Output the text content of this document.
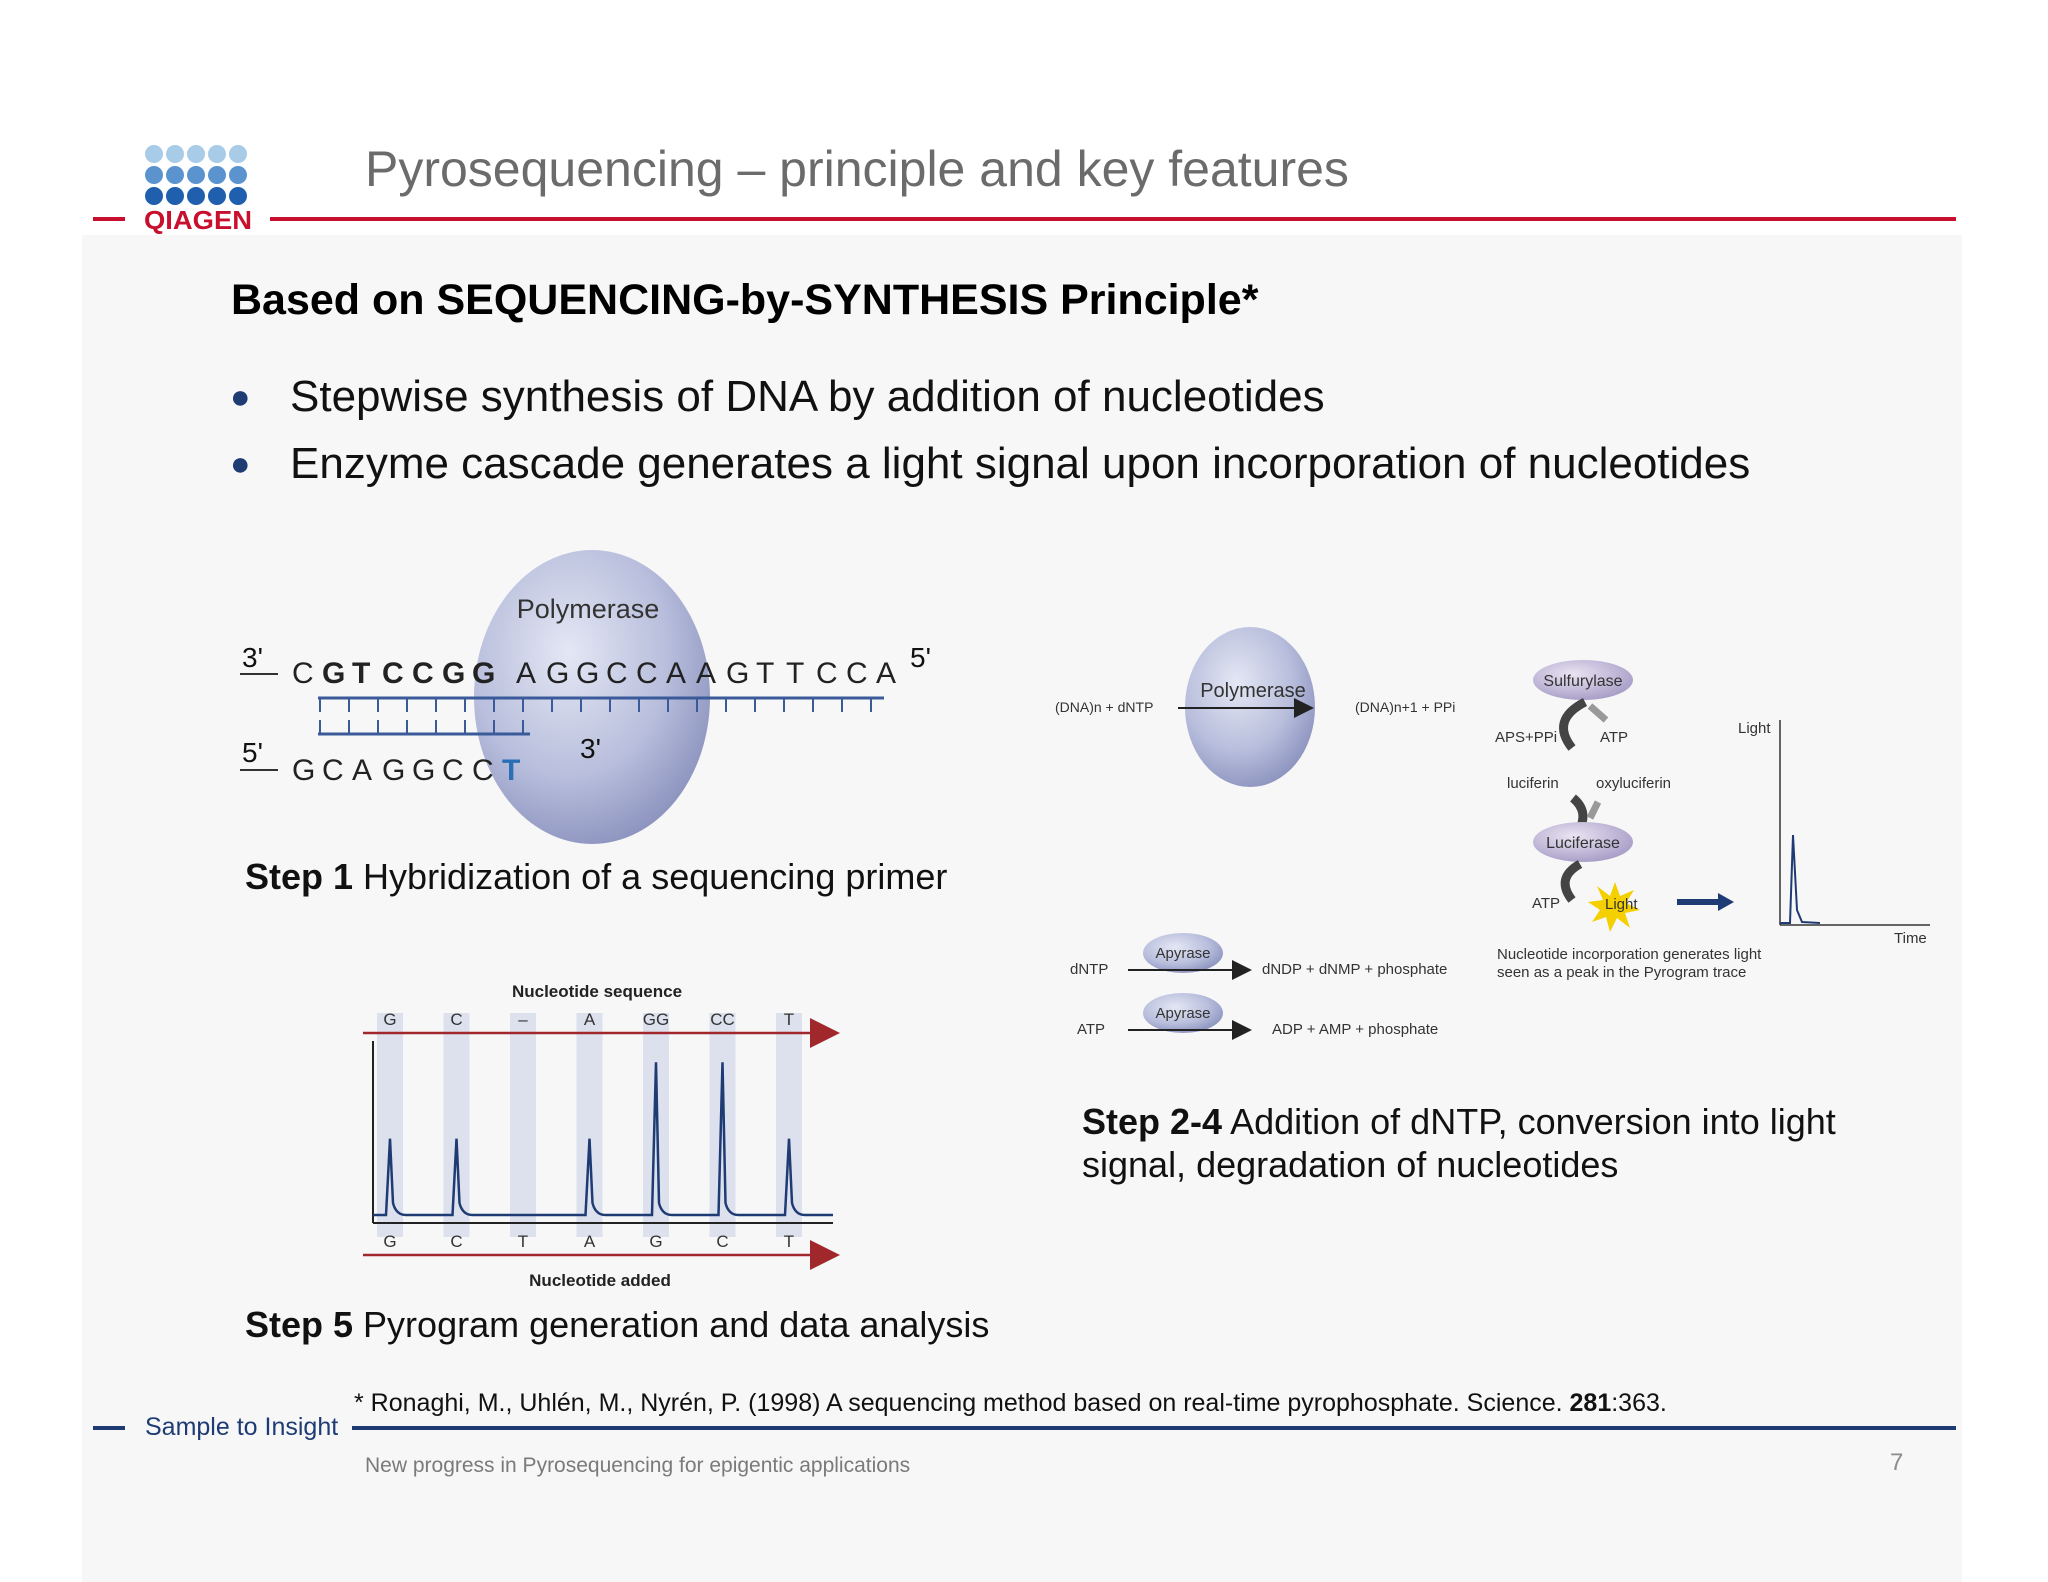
QIAGEN
Pyrosequencing – principle and key features
Based on SEQUENCING-by-SYNTHESIS Principle*
● Stepwise synthesis of DNA by addition of nucleotides
● Enzyme cascade generates a light signal upon incorporation of nucleotides
Polymerase
3' C G T C C G G A G G C C A A G T T C C A 5'
5'
G C A G G C C T
3'
Step 1 Hybridization of a sequencing primer
Polymerase
(DNA)n + dNTP	(DNA)n+1 + PPi
Sulfurylase
APS+PPi	ATP
luciferin oxyluciferin
Luciferase
ATP	Light
Light
Time
Nucleotide incorporation generates light
seen as a peak in the Pyrogram trace
Apyrase
dNTP	dNDP + dNMP + phosphate
Apyrase
ATP	ADP + AMP + phosphate
Step 2-4 Addition of dNTP, conversion into light signal, degradation of nucleotides
Nucleotide sequence
G	C	–	A	GG CC	T
G	C	T	A	G	C	T
Nucleotide added
Step 5 Pyrogram generation and data analysis
* Ronaghi, M., Uhlén, M., Nyrén, P. (1998) A sequencing method based on real-time pyrophosphate. Science. 281:363.
Sample to Insight
New progress in Pyrosequencing for epigentic applications	7
